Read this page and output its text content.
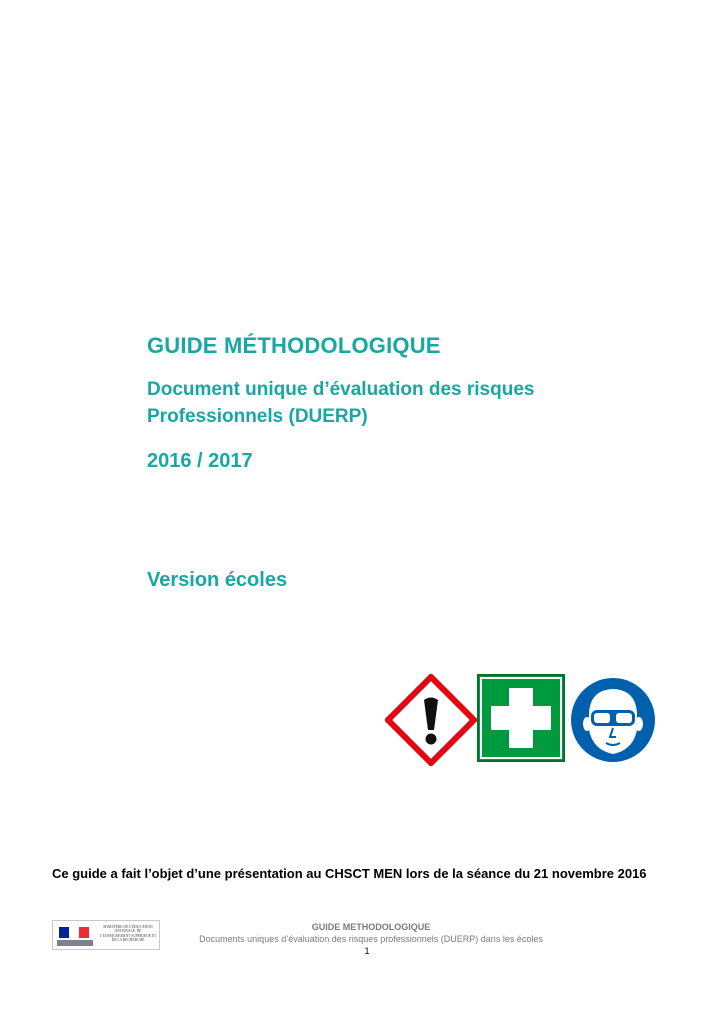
GUIDE MÉTHODOLOGIQUE
Document unique d’évaluation des risques
Professionnels (DUERP)
2016 / 2017
Version écoles

Ce guide a fait l’objet d’une présentation au CHSCT MEN lors de la séance du 21 novembre 2016

MINISTÈRE DE L’ÉDUCATION NATIONALE, DE L’ENSEIGNEMENT SUPÉRIEUR ET DE LA RECHERCHE

GUIDE METHODOLOGIQUE

Documents uniques d’évaluation des risques professionnels (DUERP) dans les écoles

1
